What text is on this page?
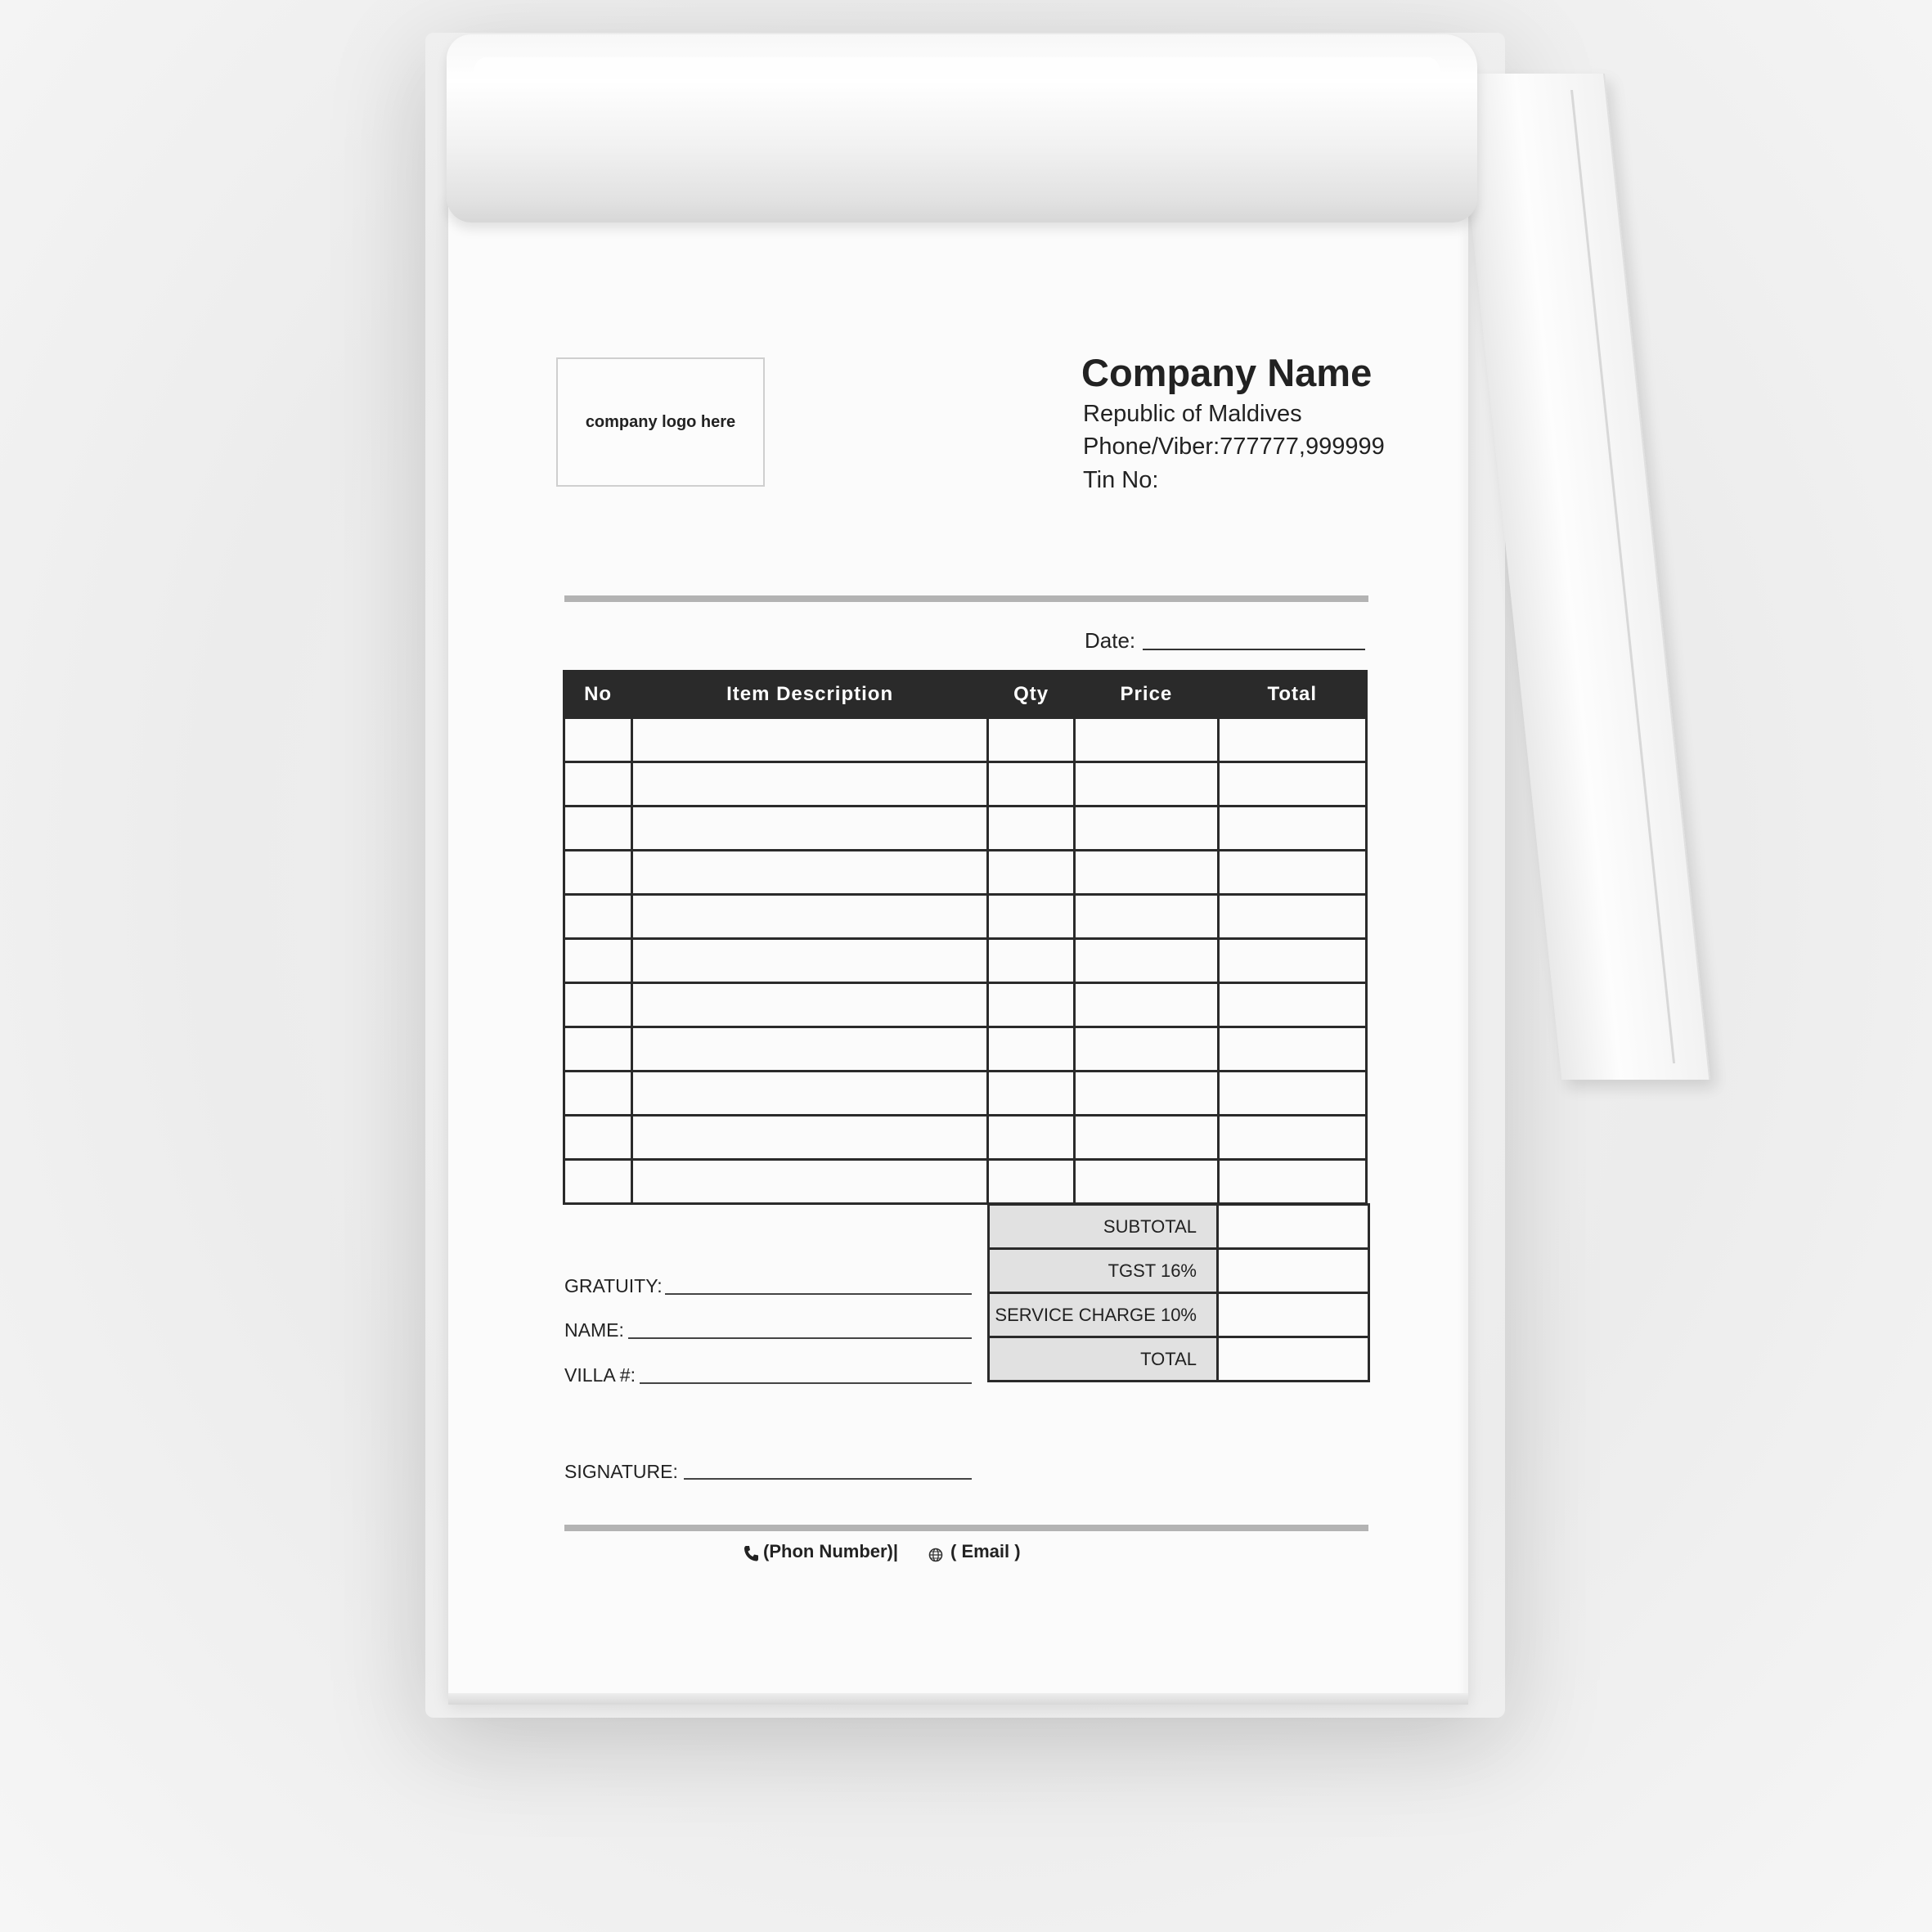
company logo here
Company Name
Republic of Maldives
Phone/Viber:777777,999999
Tin No:
Date:
No	Item Description	Qty	Price	Total

SUBTOTAL	
TGST 16%	
SERVICE CHARGE 10%	
TOTAL	
GRATUITY:
NAME:
VILLA #:
SIGNATURE:
(Phon Number)|	( Email )
